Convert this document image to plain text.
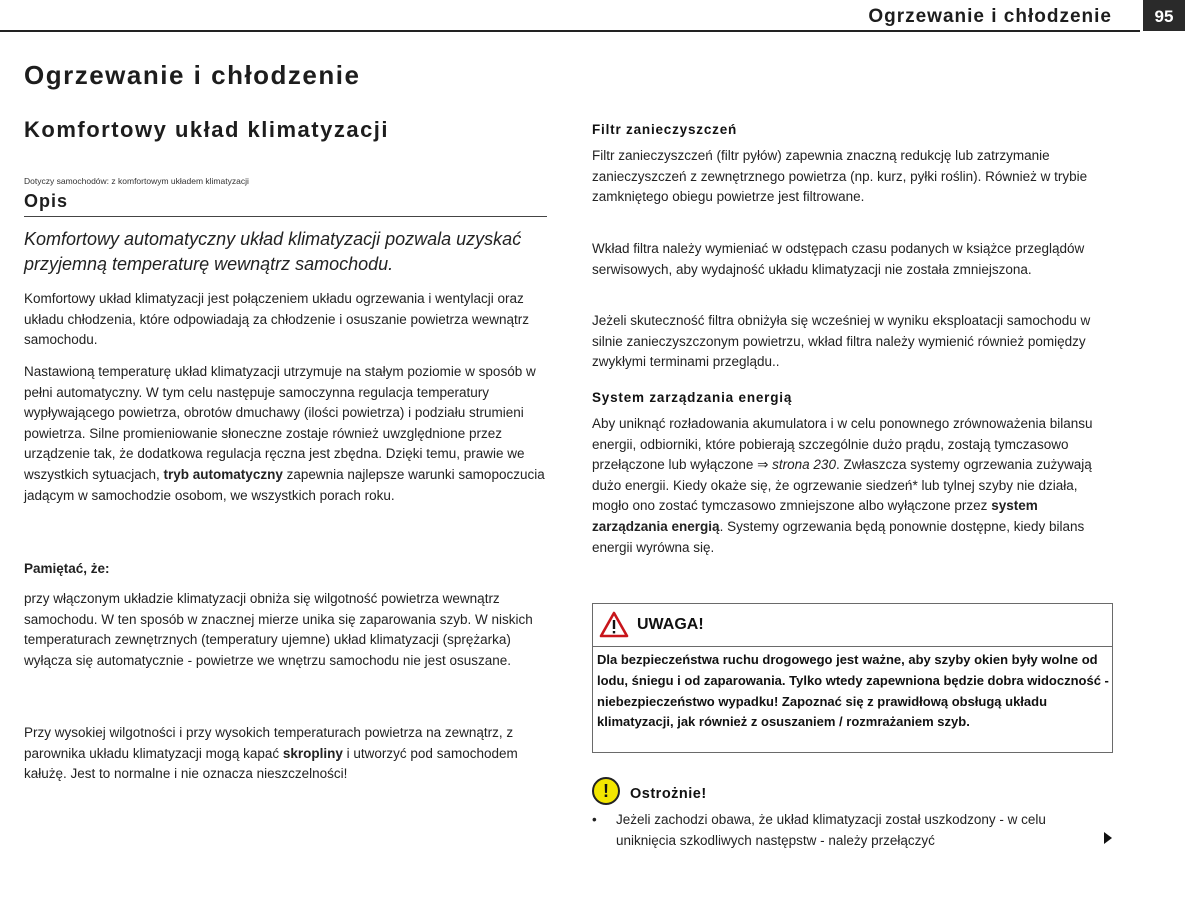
Ogrzewanie i chłodzenie	95
Ogrzewanie i chłodzenie
Komfortowy układ klimatyzacji
Dotyczy samochodów: z komfortowym układem klimatyzacji
Opis
Komfortowy automatyczny układ klimatyzacji pozwala uzyskać przyjemną temperaturę wewnątrz samochodu.

Komfortowy układ klimatyzacji jest połączeniem układu ogrzewania i wentylacji oraz układu chłodzenia, które odpowiadają za chłodzenie i osuszanie powietrza wewnątrz samochodu.

Nastawioną temperaturę układ klimatyzacji utrzymuje na stałym poziomie w sposób w pełni automatyczny. W tym celu następuje samoczynna regulacja temperatury wypływającego powietrza, obrotów dmuchawy (ilości powietrza) i podziału strumieni powietrza. Silne promieniowanie słoneczne zostaje również uwzględnione przez urządzenie tak, że dodatkowa regulacja ręczna jest zbędna. Dzięki temu, prawie we wszystkich sytuacjach, tryb automatyczny zapewnia najlepsze warunki samopoczucia jadącym w samochodzie osobom, we wszystkich porach roku.

Pamiętać, że:

przy włączonym układzie klimatyzacji obniża się wilgotność powietrza wewnątrz samochodu. W ten sposób w znacznej mierze unika się zaparowania szyb. W niskich temperaturach zewnętrznych (temperatury ujemne) układ klimatyzacji (sprężarka) wyłącza się automatycznie - powietrze we wnętrzu samochodu nie jest osuszane.

Przy wysokiej wilgotności i przy wysokich temperaturach powietrza na zewnątrz, z parownika układu klimatyzacji mogą kapać skropliny i utworzyć pod samochodem kałużę. Jest to normalne i nie oznacza nieszczelności!

Filtr zanieczyszczeń

Filtr zanieczyszczeń (filtr pyłów) zapewnia znaczną redukcję lub zatrzymanie zanieczyszczeń z zewnętrznego powietrza (np. kurz, pyłki roślin). Również w trybie zamkniętego obiegu powietrze jest filtrowane.

Wkład filtra należy wymieniać w odstępach czasu podanych w książce przeglądów serwisowych, aby wydajność układu klimatyzacji nie została zmniejszona.

Jeżeli skuteczność filtra obniżyła się wcześniej w wyniku eksploatacji samochodu w silnie zanieczyszczonym powietrzu, wkład filtra należy wymienić również pomiędzy zwykłymi terminami przeglądu..

System zarządzania energią

Aby uniknąć rozładowania akumulatora i w celu ponownego zrównoważenia bilansu energii, odbiorniki, które pobierają szczególnie dużo prądu, zostają tymczasowo przełączone lub wyłączone ⇒ strona 230. Zwłaszcza systemy ogrzewania zużywają dużo energii. Kiedy okaże się, że ogrzewanie siedzeń* lub tylnej szyby nie działa, mogło ono zostać tymczasowo zmniejszone albo wyłączone przez system zarządzania energią. Systemy ogrzewania będą ponownie dostępne, kiedy bilans energii wyrówna się.

UWAGA!
Dla bezpieczeństwa ruchu drogowego jest ważne, aby szyby okien były wolne od lodu, śniegu i od zaparowania. Tylko wtedy zapewniona będzie dobra widoczność - niebezpieczeństwo wypadku! Zapoznać się z prawidłową obsługą układu klimatyzacji, jak również z osuszaniem / rozmrażaniem szyb.
!	Ostrożnie!
• Jeżeli zachodzi obawa, że układ klimatyzacji został uszkodzony - w celu uniknięcia szkodliwych następstw - należy przełączyć
